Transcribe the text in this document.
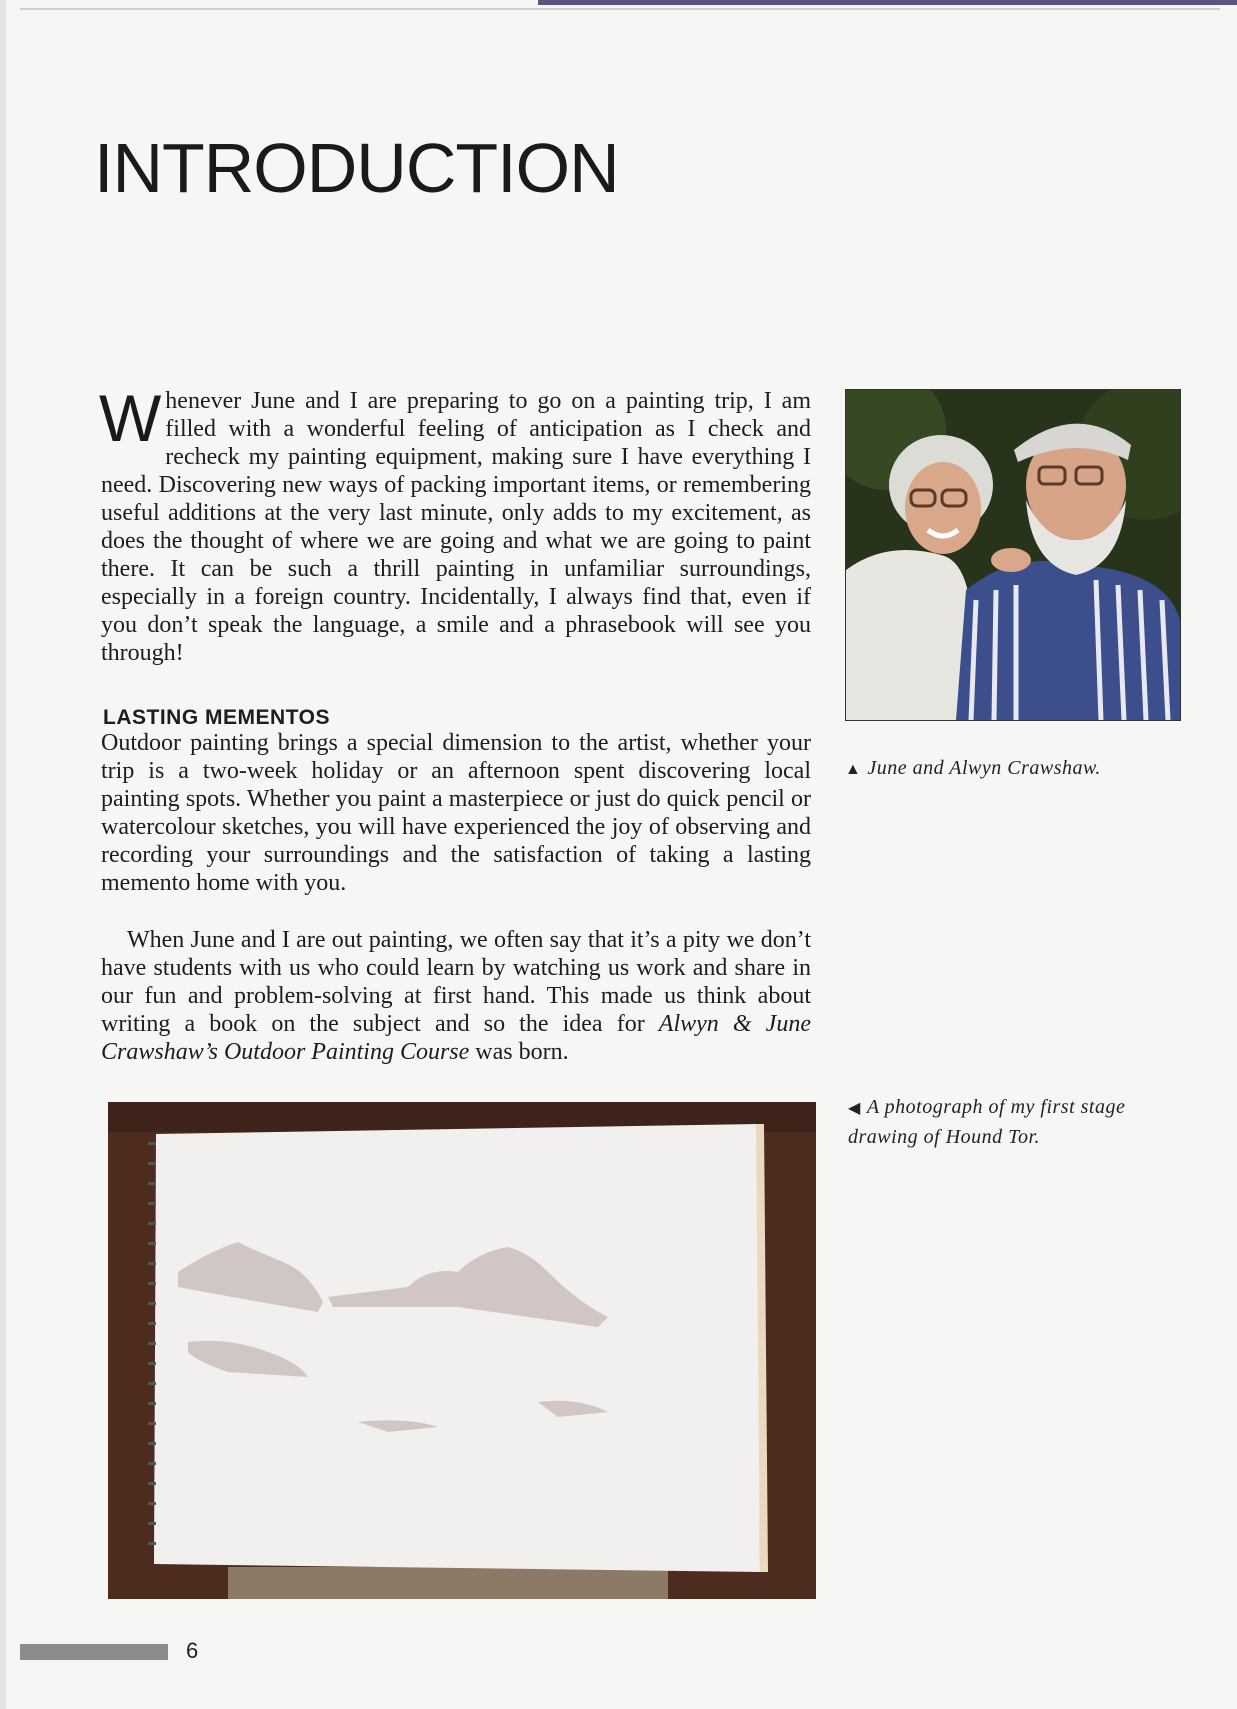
INTRODUCTION

Whenever June and I are preparing to go on a painting trip, I am filled with a wonderful feeling of anticipation as I check and recheck my painting equipment, making sure I have everything I need. Discovering new ways of packing important items, or remembering useful additions at the very last minute, only adds to my excitement, as does the thought of where we are going and what we are going to paint there. It can be such a thrill painting in unfamiliar surroundings, especially in a foreign country. Incidentally, I always find that, even if you don’t speak the language, a smile and a phrasebook will see you through!

LASTING MEMENTOS

Outdoor painting brings a special dimension to the artist, whether your trip is a two-week holiday or an afternoon spent discovering local painting spots. Whether you paint a masterpiece or just do quick pencil or watercolour sketches, you will have experienced the joy of observing and recording your surroundings and the satisfaction of taking a lasting memento home with you.

When June and I are out painting, we often say that it’s a pity we don’t have students with us who could learn by watching us work and share in our fun and problem-solving at first hand. This made us think about writing a book on the subject and so the idea for Alwyn & June Crawshaw’s Outdoor Painting Course was born.

▲ June and Alwyn Crawshaw.

◀ A photograph of my first stage drawing of Hound Tor.

6
